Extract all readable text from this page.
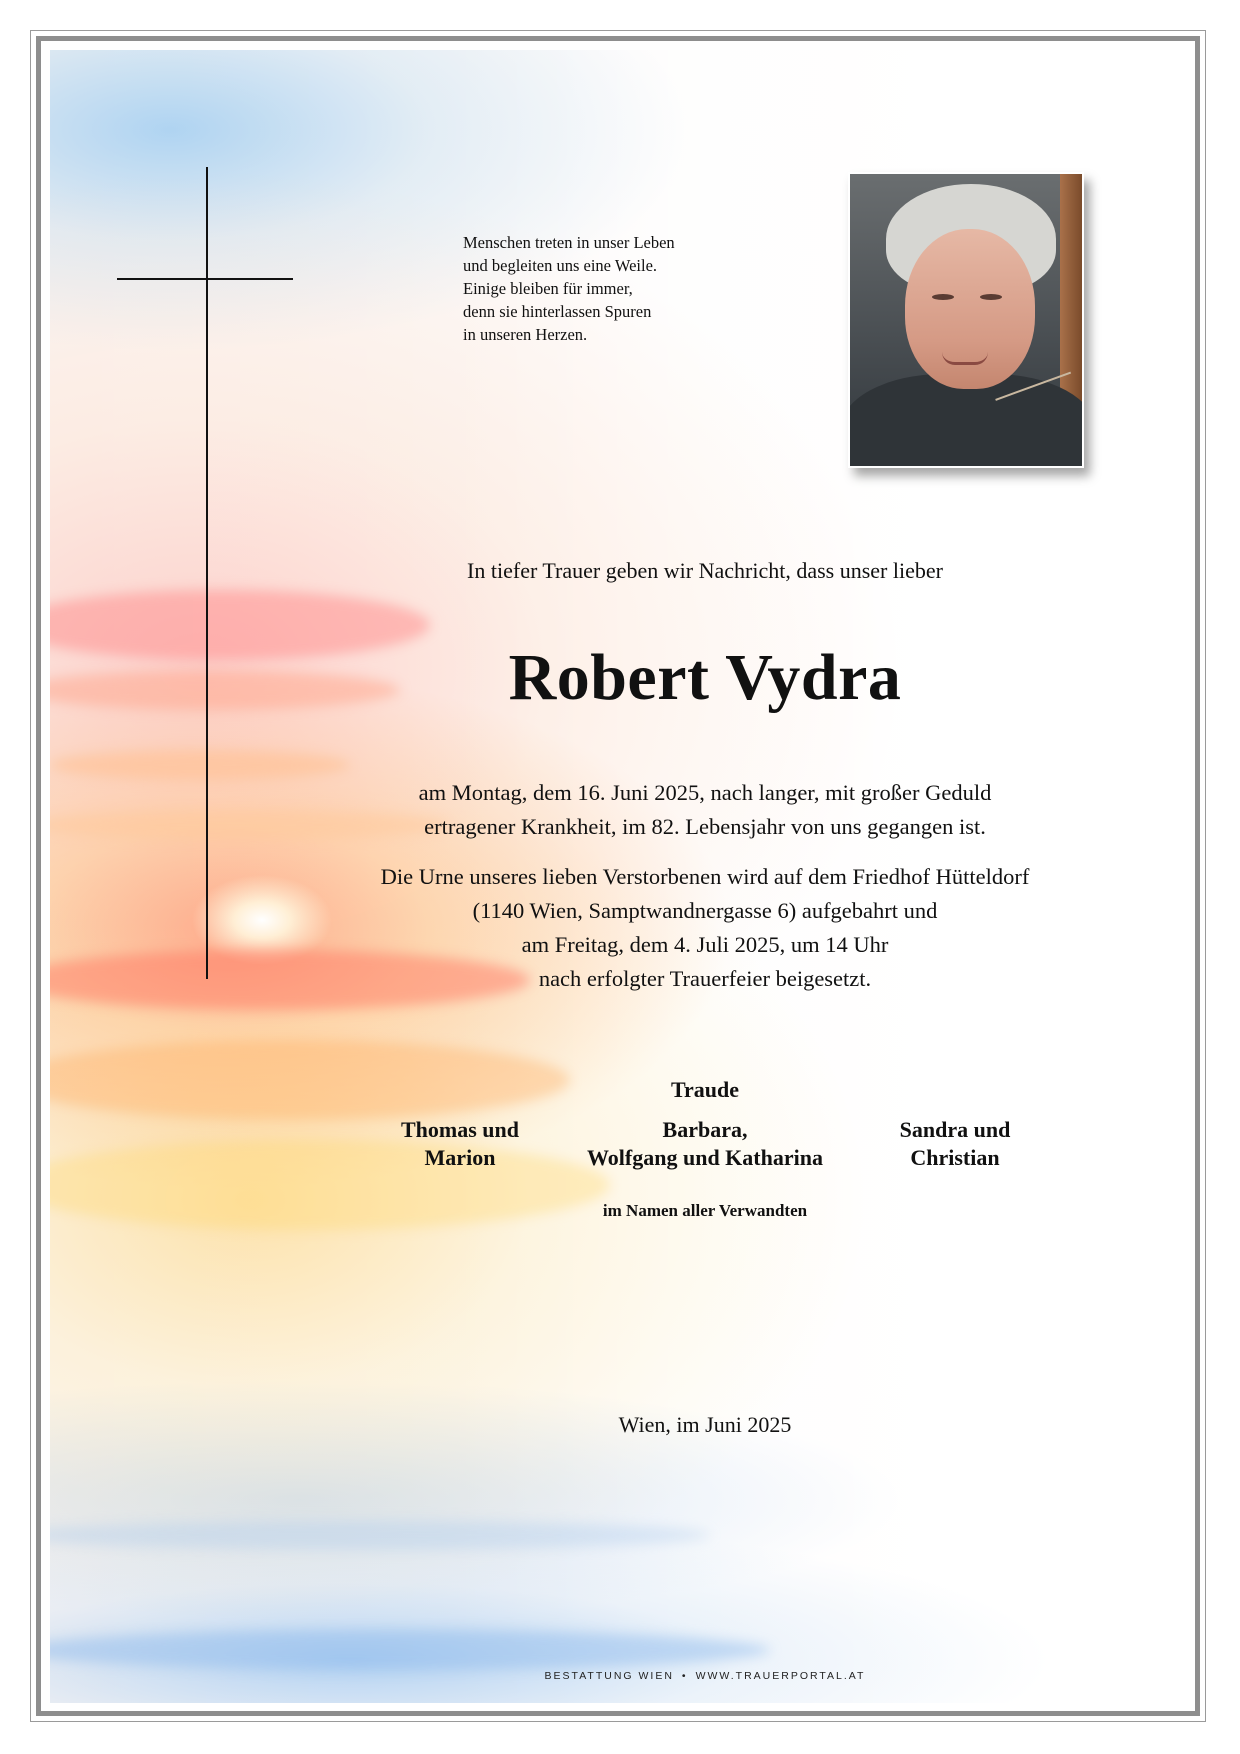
Menschen treten in unser Leben
und begleiten uns eine Weile.
Einige bleiben für immer,
denn sie hinterlassen Spuren
in unseren Herzen.
In tiefer Trauer geben wir Nachricht, dass unser lieber
Robert Vydra
am Montag, dem 16. Juni 2025, nach langer, mit großer Geduld
ertragener Krankheit, im 82. Lebensjahr von uns gegangen ist.
Die Urne unseres lieben Verstorbenen wird auf dem Friedhof Hütteldorf
(1140 Wien, Samptwandnergasse 6) aufgebahrt und
am Freitag, dem 4. Juli 2025, um 14 Uhr
nach erfolgter Trauerfeier beigesetzt.
Traude
Thomas und
Marion
Barbara,
Wolfgang und Katharina
Sandra und
Christian
im Namen aller Verwandten
Wien, im Juni 2025
BESTATTUNG WIEN • WWW.TRAUERPORTAL.AT
